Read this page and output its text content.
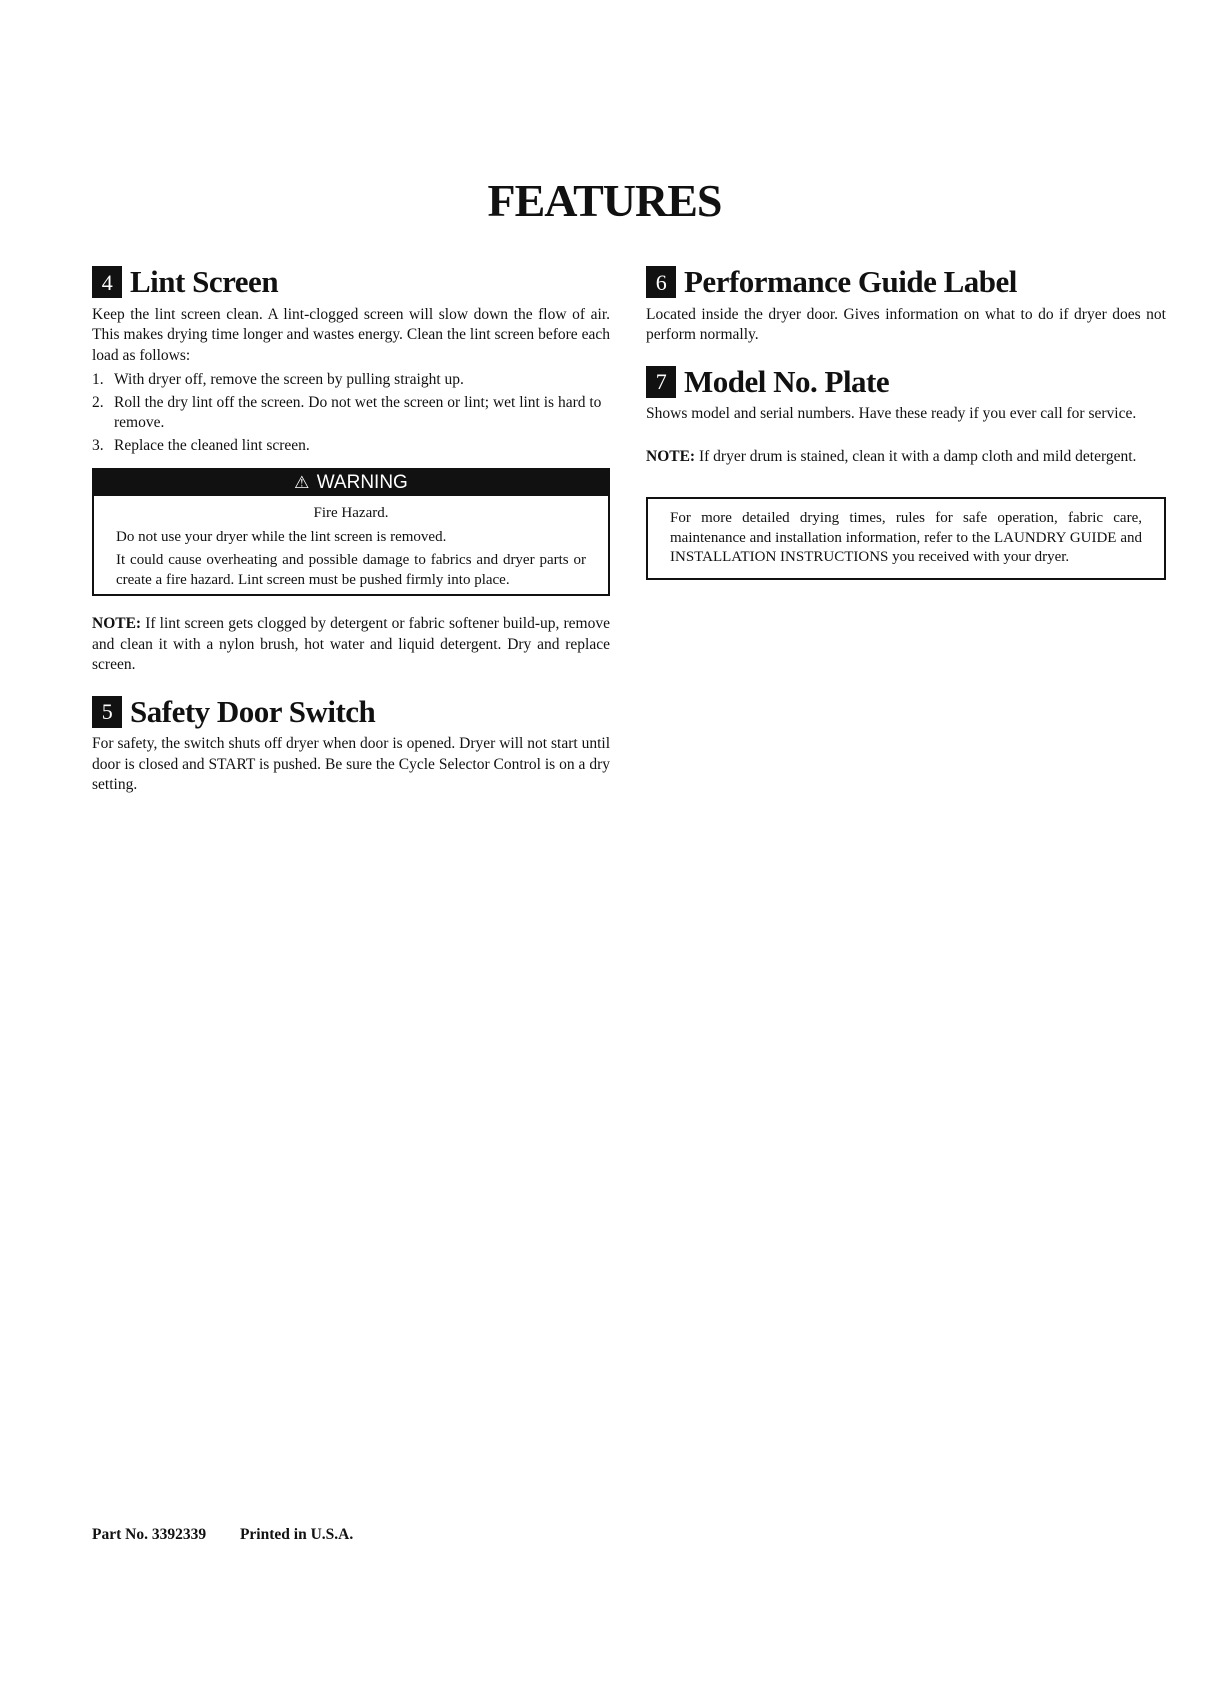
FEATURES
4 Lint Screen

Keep the lint screen clean. A lint-clogged screen will slow down the flow of air. This makes drying time longer and wastes energy. Clean the lint screen before each load as follows:

1. With dryer off, remove the screen by pulling straight up.
2. Roll the dry lint off the screen. Do not wet the screen or lint; wet lint is hard to remove.
3. Replace the cleaned lint screen.
⚠ WARNING

Fire Hazard.

Do not use your dryer while the lint screen is removed.

It could cause overheating and possible damage to fabrics and dryer parts or create a fire hazard. Lint screen must be pushed firmly into place.

NOTE: If lint screen gets clogged by detergent or fabric softener build-up, remove and clean it with a nylon brush, hot water and liquid detergent. Dry and replace screen.

5 Safety Door Switch

For safety, the switch shuts off dryer when door is opened. Dryer will not start until door is closed and START is pushed. Be sure the Cycle Selector Control is on a dry setting.

6 Performance Guide Label

Located inside the dryer door. Gives information on what to do if dryer does not perform normally.

7 Model No. Plate

Shows model and serial numbers. Have these ready if you ever call for service.

NOTE: If dryer drum is stained, clean it with a damp cloth and mild detergent.

For more detailed drying times, rules for safe operation, fabric care, maintenance and installation information, refer to the LAUNDRY GUIDE and INSTALLATION INSTRUCTIONS you received with your dryer.

Part No. 3392339 Printed in U.S.A.
